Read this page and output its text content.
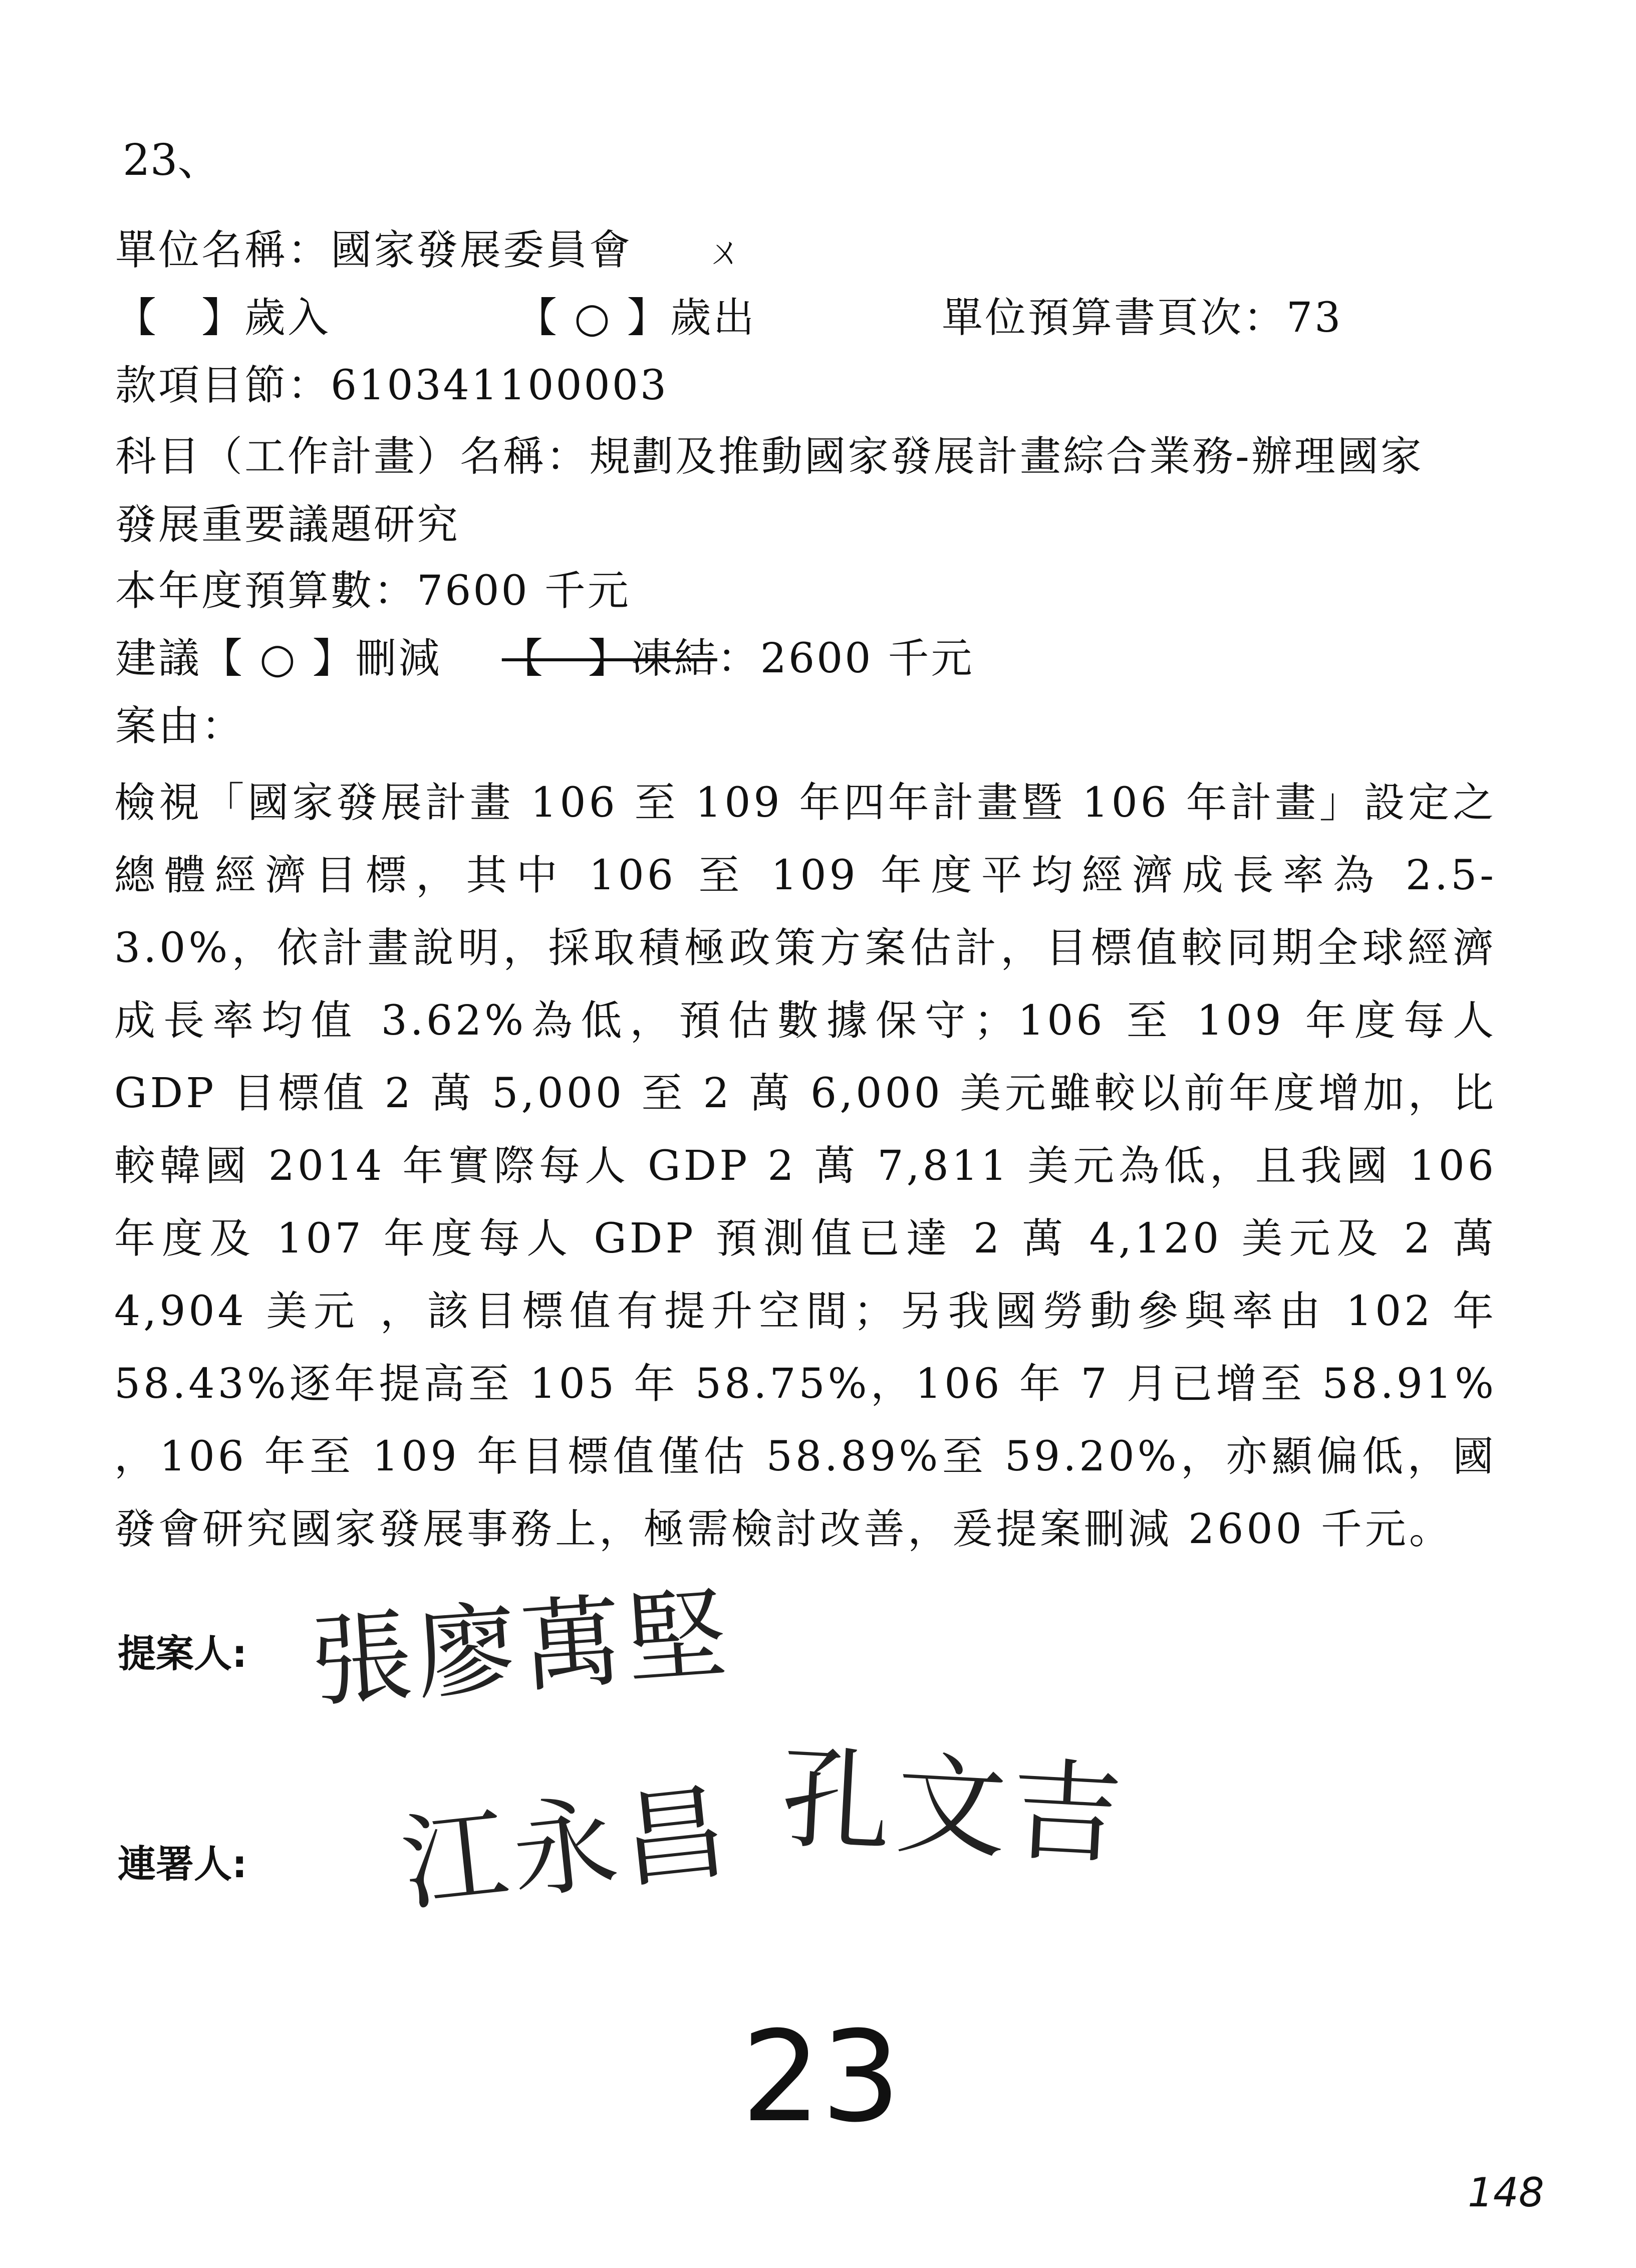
23、
單位名稱：國家發展委員會 ㄨ
【　】歲入	【 ○ 】歲出	單位預算書頁次：73
款項目節：610341100003
科目（工作計畫）名稱：規劃及推動國家發展計畫綜合業務-辦理國家
發展重要議題研究
本年度預算數：7600 千元
建議【 ○ 】刪減 【　】凍結：2600 千元
案由：
檢視「國家發展計畫 106 至 109 年四年計畫暨 106 年計畫」設定之總體經濟目標，其中 106 至 109 年度平均經濟成長率為 2.5-3.0%，依計畫說明，採取積極政策方案估計，目標值較同期全球經濟成長率均值 3.62%為低，預估數據保守；106 至 109 年度每人 GDP 目標值 2 萬 5,000 至 2 萬 6,000 美元雖較以前年度增加，比較韓國 2014 年實際每人 GDP 2 萬 7,811 美元為低，且我國 106 年度及 107 年度每人 GDP 預測值已達 2 萬 4,120 美元及 2 萬 4,904 美元 ，該目標值有提升空間；另我國勞動參與率由 102 年 58.43%逐年提高至 105 年 58.75%，106 年 7 月已增至 58.91% ，106 年至 109 年目標值僅估 58.89%至 59.20%，亦顯偏低，國發會研究國家發展事務上，極需檢討改善，爰提案刪減 2600 千元。
提案人: 張廖萬堅
連署人: 江永昌 孔文吉
23
148
